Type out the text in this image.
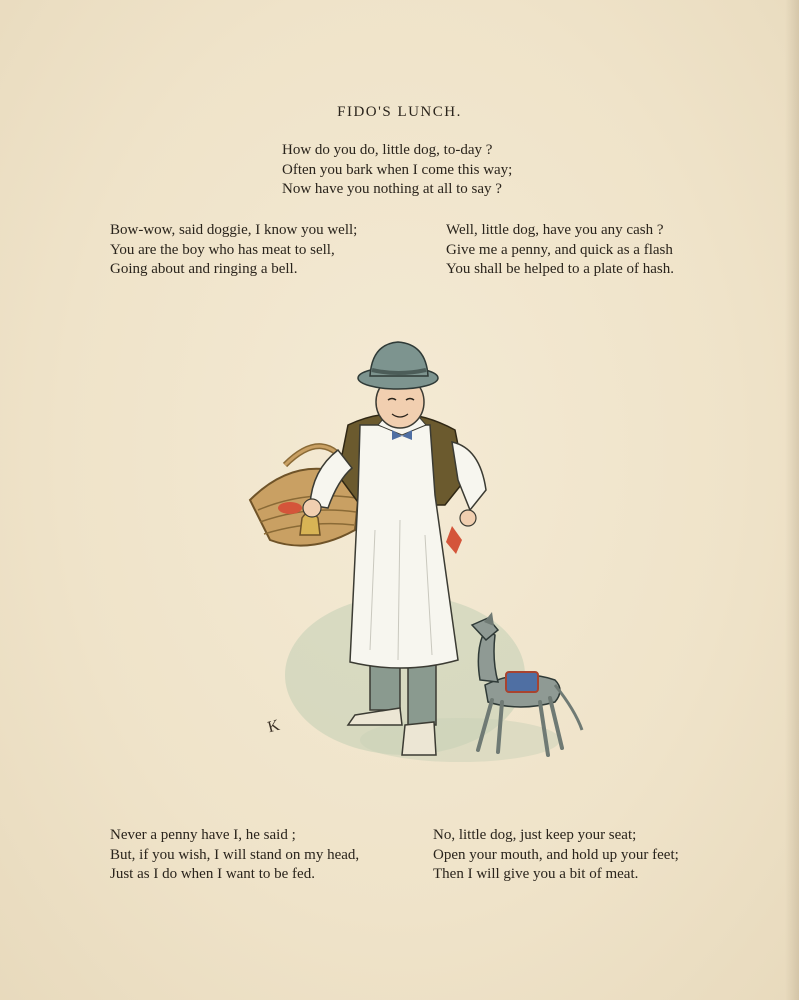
FIDO'S LUNCH.
How do you do, little dog, to-day ?
Often you bark when I come this way;
Now have you nothing at all to say ?
Bow-wow, said doggie, I know you well;
You are the boy who has meat to sell,
Going about and ringing a bell.
Well, little dog, have you any cash ?
Give me a penny, and quick as a flash
You shall be helped to a plate of hash.
K
Never a penny have I, he said ;
But, if you wish, I will stand on my head,
Just as I do when I want to be fed.
No, little dog, just keep your seat;
Open your mouth, and hold up your feet;
Then I will give you a bit of meat.
